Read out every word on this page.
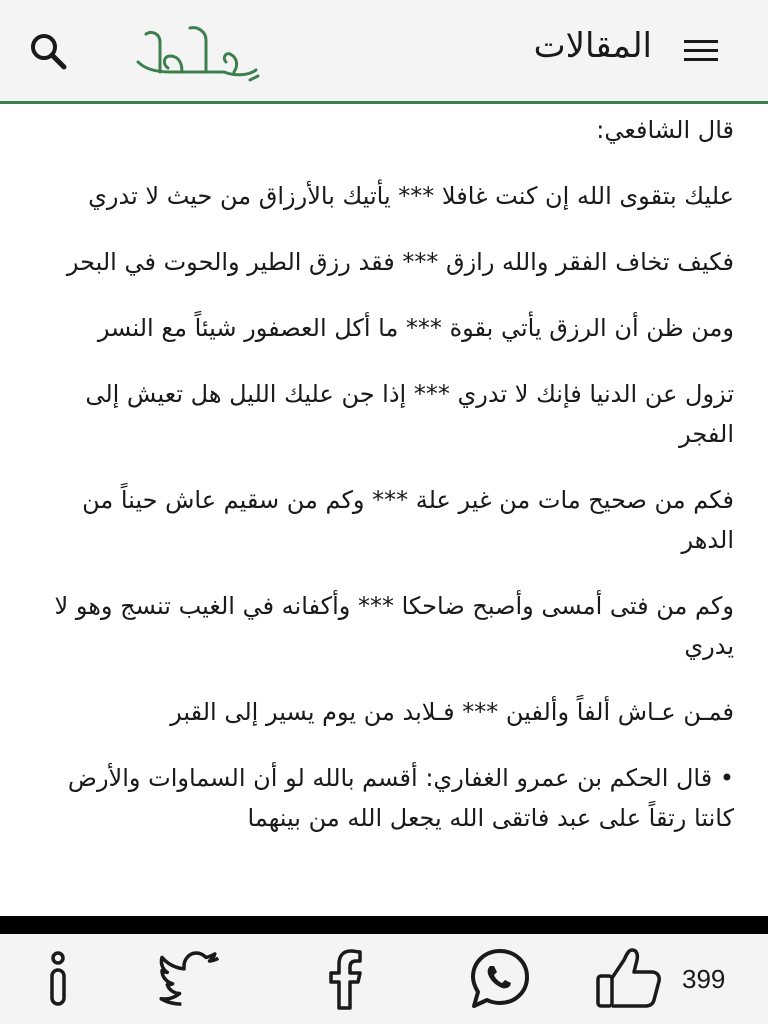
المقالات

قال الشافعي:

عليك بتقوى الله إن كنت غافلا *** يأتيك بالأرزاق من حيث لا تدري

فكيف تخاف الفقر والله رازق *** فقد رزق الطير والحوت في البحر

ومن ظن أن الرزق يأتي بقوة *** ما أكل العصفور شيئاً مع النسر

تزول عن الدنيا فإنك لا تدري *** إذا جن عليك الليل هل تعيش إلى الفجر

فكم من صحيح مات من غير علة *** وكم من سقيم عاش حيناً من الدهر

وكم من فتى أمسى وأصبح ضاحكا *** وأكفانه في الغيب تنسج وهو لا يدري

فمـن عـاش ألفاً وألفين *** فـلابد من يوم يسير إلى القبر

• قال الحكم بن عمرو الغفاري: أقسم بالله لو أن السماوات والأرض كانتا رتقاً على عبد فاتقى الله يجعل الله من بينهما

399
